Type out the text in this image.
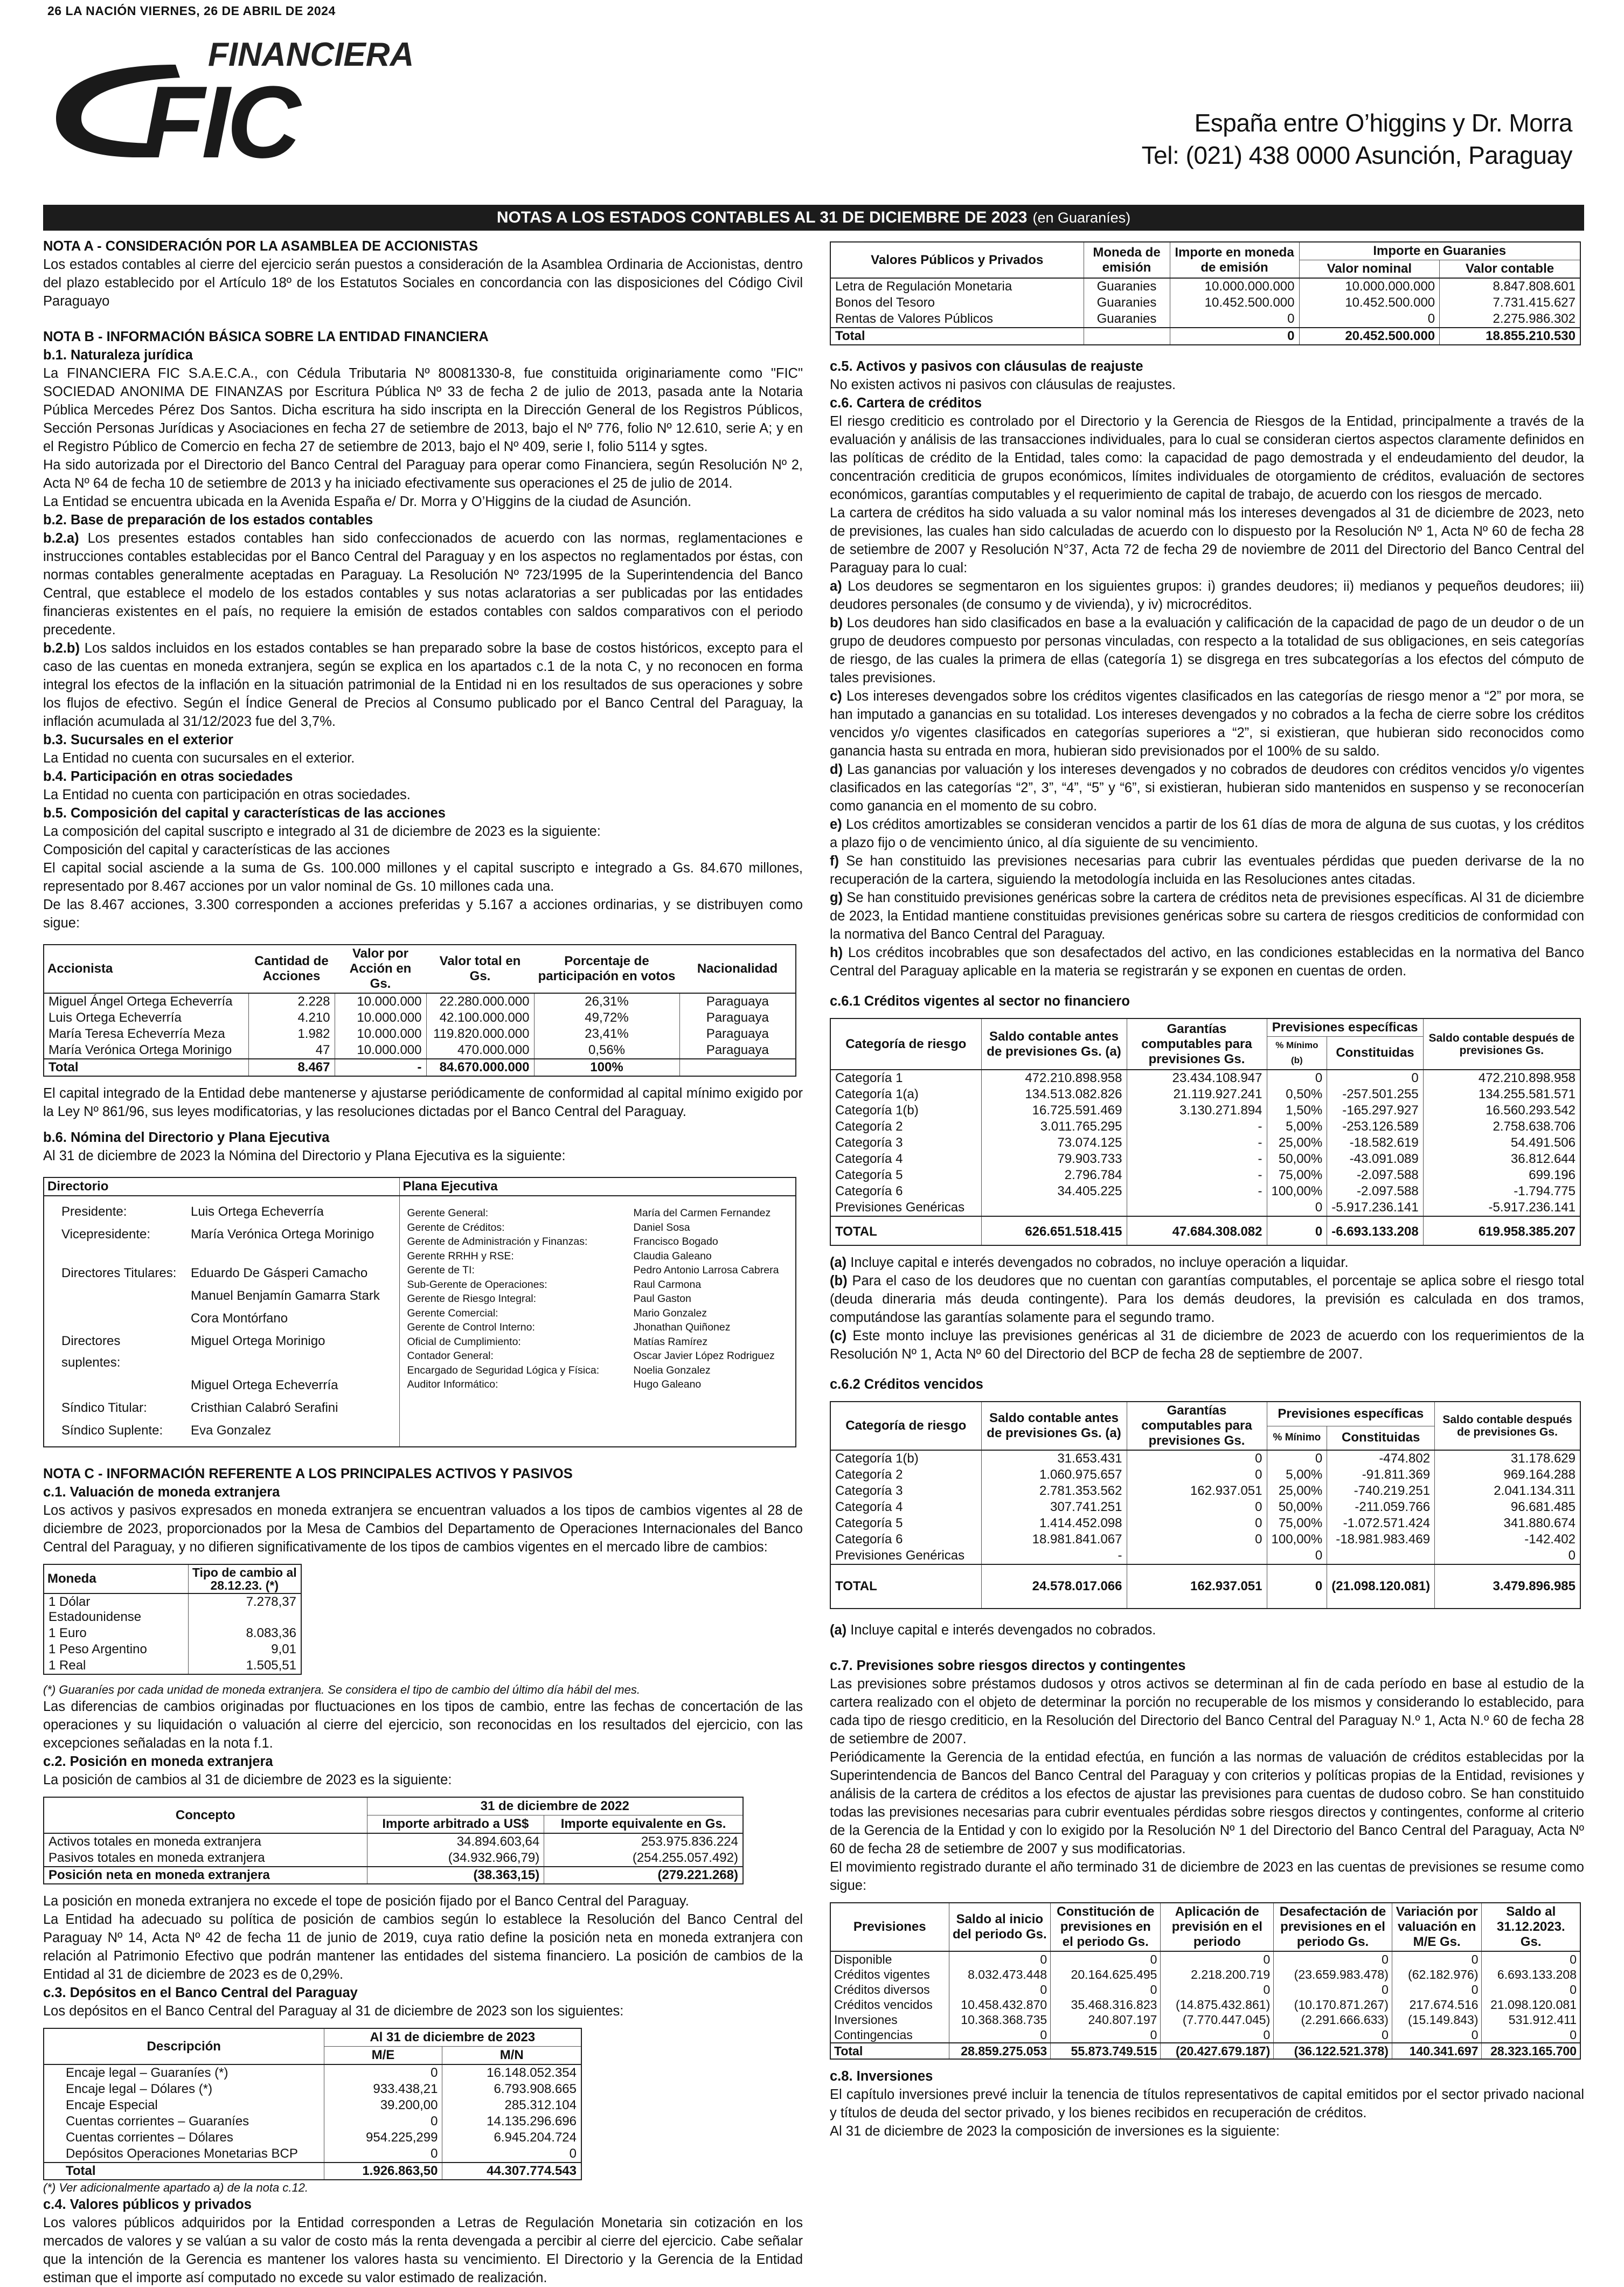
26 LA NACIÓN VIERNES, 26 DE ABRIL DE 2024
FINANCIERA
FIC	España entre O’higgins y Dr. Morra
Tel: (021) 438 0000 Asunción, Paraguay
NOTAS A LOS ESTADOS CONTABLES AL 31 DE DICIEMBRE DE 2023 (en Guaraníes)
NOTA A - CONSIDERACIÓN POR LA ASAMBLEA DE ACCIONISTAS

Los estados contables al cierre del ejercicio serán puestos a consideración de la Asamblea Ordinaria de Accionistas, dentro del plazo establecido por el Artículo 18º de los Estatutos Sociales en concordancia con las disposiciones del Código Civil Paraguayo

NOTA B - INFORMACIÓN BÁSICA SOBRE LA ENTIDAD FINANCIERA
b.1. Naturaleza jurídica

La FINANCIERA FIC S.A.E.C.A., con Cédula Tributaria Nº 80081330-8, fue constituida originariamente como "FIC" SOCIEDAD ANONIMA DE FINANZAS por Escritura Pública Nº 33 de fecha 2 de julio de 2013, pasada ante la Notaria Pública Mercedes Pérez Dos Santos. Dicha escritura ha sido inscripta en la Dirección General de los Registros Públicos, Sección Personas Jurídicas y Asociaciones en fecha 27 de setiembre de 2013, bajo el Nº 776, folio Nº 12.610, serie A; y en el Registro Público de Comercio en fecha 27 de setiembre de 2013, bajo el Nº 409, serie I, folio 5114 y sgtes.

Ha sido autorizada por el Directorio del Banco Central del Paraguay para operar como Financiera, según Resolución Nº 2, Acta Nº 64 de fecha 10 de setiembre de 2013 y ha iniciado efectivamente sus operaciones el 25 de julio de 2014.

La Entidad se encuentra ubicada en la Avenida España e/ Dr. Morra y O’Higgins de la ciudad de Asunción.

b.2. Base de preparación de los estados contables

b.2.a) Los presentes estados contables han sido confeccionados de acuerdo con las normas, reglamentaciones e instrucciones contables establecidas por el Banco Central del Paraguay y en los aspectos no reglamentados por éstas, con normas contables generalmente aceptadas en Paraguay. La Resolución Nº 723/1995 de la Superintendencia del Banco Central, que establece el modelo de los estados contables y sus notas aclaratorias a ser publicadas por las entidades financieras existentes en el país, no requiere la emisión de estados contables con saldos comparativos con el periodo precedente.

b.2.b) Los saldos incluidos en los estados contables se han preparado sobre la base de costos históricos, excepto para el caso de las cuentas en moneda extranjera, según se explica en los apartados c.1 de la nota C, y no reconocen en forma integral los efectos de la inflación en la situación patrimonial de la Entidad ni en los resultados de sus operaciones y sobre los flujos de efectivo. Según el Índice General de Precios al Consumo publicado por el Banco Central del Paraguay, la inflación acumulada al 31/12/2023 fue del 3,7%.

b.3. Sucursales en el exterior

La Entidad no cuenta con sucursales en el exterior.

b.4. Participación en otras sociedades

La Entidad no cuenta con participación en otras sociedades.

b.5. Composición del capital y características de las acciones

La composición del capital suscripto e integrado al 31 de diciembre de 2023 es la siguiente:

Composición del capital y características de las acciones

El capital social asciende a la suma de Gs. 100.000 millones y el capital suscripto e integrado a Gs. 84.670 millones, representado por 8.467 acciones por un valor nominal de Gs. 10 millones cada una.

De las 8.467 acciones, 3.300 corresponden a acciones preferidas y 5.167 a acciones ordinarias, y se distribuyen como sigue:

Accionista	Cantidad de Acciones	Valor por Acción en Gs.	Valor total en Gs.	Porcentaje de participación en votos	Nacionalidad
Miguel Ángel Ortega Echeverría	2.228	10.000.000	22.280.000.000	26,31%	Paraguaya
Luis Ortega Echeverría	4.210	10.000.000	42.100.000.000	49,72%	Paraguaya
María Teresa Echeverría Meza	1.982	10.000.000	119.820.000.000	23,41%	Paraguaya
María Verónica Ortega Morinigo	47	10.000.000	470.000.000	0,56%	Paraguaya
Total	8.467	-	84.670.000.000	100%	

El capital integrado de la Entidad debe mantenerse y ajustarse periódicamente de conformidad al capital mínimo exigido por la Ley Nº 861/96, sus leyes modificatorias, y las resoluciones dictadas por el Banco Central del Paraguay.

b.6. Nómina del Directorio y Plana Ejecutiva

Al 31 de diciembre de 2023 la Nómina del Directorio y Plana Ejecutiva es la siguiente:

Directorio	Plana Ejecutiva

Presidente:	Luis Ortega Echeverría
Vicepresidente:	María Verónica Ortega Morinigo

Directores Titulares:	Eduardo De Gásperi Camacho
	Manuel Benjamín Gamarra Stark
	Cora Montórfano
Directores suplentes:	Miguel Ortega Morinigo
	Miguel Ortega Echeverría
Síndico Titular:	Cristhian Calabró Serafini
Síndico Suplente:	Eva Gonzalez

Gerente General:	María del Carmen Fernandez
Gerente de Créditos:	Daniel Sosa
Gerente de Administración y Finanzas:	Francisco Bogado
Gerente RRHH y RSE:	Claudia Galeano
Gerente de TI:	Pedro Antonio Larrosa Cabrera
Sub-Gerente de Operaciones:	Raul Carmona
Gerente de Riesgo Integral:	Paul Gaston
Gerente Comercial:	Mario Gonzalez
Gerente de Control Interno:	Jhonathan Quiñonez
Oficial de Cumplimiento:	Matías Ramírez
Contador General:	Oscar Javier López Rodriguez
Encargado de Seguridad Lógica y Física:	Noelia Gonzalez
Auditor Informático:	Hugo Galeano
NOTA C - INFORMACIÓN REFERENTE A LOS PRINCIPALES ACTIVOS Y PASIVOS
c.1. Valuación de moneda extranjera

Los activos y pasivos expresados en moneda extranjera se encuentran valuados a los tipos de cambios vigentes al 28 de diciembre de 2023, proporcionados por la Mesa de Cambios del Departamento de Operaciones Internacionales del Banco Central del Paraguay, y no difieren significativamente de los tipos de cambios vigentes en el mercado libre de cambios:

Moneda	Tipo de cambio al 28.12.23. (*)
1 Dólar Estadounidense	7.278,37
1 Euro	8.083,36
1 Peso Argentino	9,01
1 Real	1.505,51

(*) Guaraníes por cada unidad de moneda extranjera. Se considera el tipo de cambio del último día hábil del mes.

Las diferencias de cambios originadas por fluctuaciones en los tipos de cambio, entre las fechas de concertación de las operaciones y su liquidación o valuación al cierre del ejercicio, son reconocidas en los resultados del ejercicio, con las excepciones señaladas en la nota f.1.

c.2. Posición en moneda extranjera

La posición de cambios al 31 de diciembre de 2023 es la siguiente:

Concepto	31 de diciembre de 2022	
	Importe arbitrado a US$	Importe equivalente en Gs.
Activos totales en moneda extranjera	34.894.603,64	253.975.836.224
Pasivos totales en moneda extranjera	(34.932.966,79)	(254.255.057.492)
Posición neta en moneda extranjera	(38.363,15)	(279.221.268)

La posición en moneda extranjera no excede el tope de posición fijado por el Banco Central del Paraguay.

La Entidad ha adecuado su política de posición de cambios según lo establece la Resolución del Banco Central del Paraguay Nº 14, Acta Nº 42 de fecha 11 de junio de 2019, cuya ratio define la posición neta en moneda extranjera con relación al Patrimonio Efectivo que podrán mantener las entidades del sistema financiero. La posición de cambios de la Entidad al 31 de diciembre de 2023 es de 0,29%.

c.3. Depósitos en el Banco Central del Paraguay

Los depósitos en el Banco Central del Paraguay al 31 de diciembre de 2023 son los siguientes:

Descripción	Al 31 de diciembre de 2023	
	M/E	M/N
Encaje legal – Guaraníes (*)	0	16.148.052.354
Encaje legal – Dólares (*)	933.438,21	6.793.908.665
Encaje Especial	39.200,00	285.312.104
Cuentas corrientes – Guaraníes	0	14.135.296.696
Cuentas corrientes – Dólares	954.225,299	6.945.204.724
Depósitos Operaciones Monetarias BCP	0	0
Total	1.926.863,50	44.307.774.543

(*) Ver adicionalmente apartado a) de la nota c.12.

c.4. Valores públicos y privados

Los valores públicos adquiridos por la Entidad corresponden a Letras de Regulación Monetaria sin cotización en los mercados de valores y se valúan a su valor de costo más la renta devengada a percibir al cierre del ejercicio. Cabe señalar que la intención de la Gerencia es mantener los valores hasta su vencimiento. El Directorio y la Gerencia de la Entidad estiman que el importe así computado no excede su valor estimado de realización.

Valores Públicos y Privados	Moneda de emisión	Importe en moneda de emisión	Importe en Guaranies	
			Valor nominal	Valor contable
Letra de Regulación Monetaria	Guaranies	10.000.000.000	10.000.000.000	8.847.808.601
Bonos del Tesoro	Guaranies	10.452.500.000	10.452.500.000	7.731.415.627
Rentas de Valores Públicos	Guaranies	0	0	2.275.986.302
Total		0	20.452.500.000	18.855.210.530
c.5. Activos y pasivos con cláusulas de reajuste

No existen activos ni pasivos con cláusulas de reajustes.

c.6. Cartera de créditos

El riesgo crediticio es controlado por el Directorio y la Gerencia de Riesgos de la Entidad, principalmente a través de la evaluación y análisis de las transacciones individuales, para lo cual se consideran ciertos aspectos claramente definidos en las políticas de crédito de la Entidad, tales como: la capacidad de pago demostrada y el endeudamiento del deudor, la concentración crediticia de grupos económicos, límites individuales de otorgamiento de créditos, evaluación de sectores económicos, garantías computables y el requerimiento de capital de trabajo, de acuerdo con los riesgos de mercado.

La cartera de créditos ha sido valuada a su valor nominal más los intereses devengados al 31 de diciembre de 2023, neto de previsiones, las cuales han sido calculadas de acuerdo con lo dispuesto por la Resolución Nº 1, Acta Nº 60 de fecha 28 de setiembre de 2007 y Resolución N°37, Acta 72 de fecha 29 de noviembre de 2011 del Directorio del Banco Central del Paraguay para lo cual:

a) Los deudores se segmentaron en los siguientes grupos: i) grandes deudores; ii) medianos y pequeños deudores; iii) deudores personales (de consumo y de vivienda), y iv) microcréditos.

b) Los deudores han sido clasificados en base a la evaluación y calificación de la capacidad de pago de un deudor o de un grupo de deudores compuesto por personas vinculadas, con respecto a la totalidad de sus obligaciones, en seis categorías de riesgo, de las cuales la primera de ellas (categoría 1) se disgrega en tres subcategorías a los efectos del cómputo de tales previsiones.

c) Los intereses devengados sobre los créditos vigentes clasificados en las categorías de riesgo menor a “2” por mora, se han imputado a ganancias en su totalidad. Los intereses devengados y no cobrados a la fecha de cierre sobre los créditos vencidos y/o vigentes clasificados en categorías superiores a “2”, si existieran, que hubieran sido reconocidos como ganancia hasta su entrada en mora, hubieran sido previsionados por el 100% de su saldo.

d) Las ganancias por valuación y los intereses devengados y no cobrados de deudores con créditos vencidos y/o vigentes clasificados en las categorías “2”, 3”, “4”, “5” y “6”, si existieran, hubieran sido mantenidos en suspenso y se reconocerían como ganancia en el momento de su cobro.

e) Los créditos amortizables se consideran vencidos a partir de los 61 días de mora de alguna de sus cuotas, y los créditos a plazo fijo o de vencimiento único, al día siguiente de su vencimiento.

f) Se han constituido las previsiones necesarias para cubrir las eventuales pérdidas que pueden derivarse de la no recuperación de la cartera, siguiendo la metodología incluida en las Resoluciones antes citadas.

g) Se han constituido previsiones genéricas sobre la cartera de créditos neta de previsiones específicas. Al 31 de diciembre de 2023, la Entidad mantiene constituidas previsiones genéricas sobre su cartera de riesgos crediticios de conformidad con la normativa del Banco Central del Paraguay.

h) Los créditos incobrables que son desafectados del activo, en las condiciones establecidas en la normativa del Banco Central del Paraguay aplicable en la materia se registrarán y se exponen en cuentas de orden.

c.6.1 Créditos vigentes al sector no financiero
Categoría de riesgo	Saldo contable antes de previsiones Gs. (a)	Garantías computables para previsiones Gs.	Previsiones específicas		Saldo contable después de previsiones Gs.
			% Mínimo (b)	Constituidas	
Categoría 1	472.210.898.958	23.434.108.947	0	0	472.210.898.958
Categoría 1(a)	134.513.082.826	21.119.927.241	0,50%	-257.501.255	134.255.581.571
Categoría 1(b)	16.725.591.469	3.130.271.894	1,50%	-165.297.927	16.560.293.542
Categoría 2	3.011.765.295	-	5,00%	-253.126.589	2.758.638.706
Categoría 3	73.074.125	-	25,00%	-18.582.619	54.491.506
Categoría 4	79.903.733	-	50,00%	-43.091.089	36.812.644
Categoría 5	2.796.784	-	75,00%	-2.097.588	699.196
Categoría 6	34.405.225	-	100,00%	-2.097.588	-1.794.775
Previsiones Genéricas			0	-5.917.236.141	-5.917.236.141
TOTAL	626.651.518.415	47.684.308.082	0	-6.693.133.208	619.958.385.207

(a) Incluye capital e interés devengados no cobrados, no incluye operación a liquidar.

(b) Para el caso de los deudores que no cuentan con garantías computables, el porcentaje se aplica sobre el riesgo total (deuda dineraria más deuda contingente). Para los demás deudores, la previsión es calculada en dos tramos, computándose las garantías solamente para el segundo tramo.

(c) Este monto incluye las previsiones genéricas al 31 de diciembre de 2023 de acuerdo con los requerimientos de la Resolución Nº 1, Acta Nº 60 del Directorio del BCP de fecha 28 de septiembre de 2007.

c.6.2 Créditos vencidos
Categoría de riesgo	Saldo contable antes de previsiones Gs. (a)	Garantías computables para previsiones Gs.	Previsiones específicas		Saldo contable después de previsiones Gs.
			% Mínimo	Constituidas	
Categoría 1(b)	31.653.431	0	0	-474.802	31.178.629
Categoría 2	1.060.975.657	0	5,00%	-91.811.369	969.164.288
Categoría 3	2.781.353.562	162.937.051	25,00%	-740.219.251	2.041.134.311
Categoría 4	307.741.251	0	50,00%	-211.059.766	96.681.485
Categoría 5	1.414.452.098	0	75,00%	-1.072.571.424	341.880.674
Categoría 6	18.981.841.067	0	100,00%	-18.981.983.469	-142.402
Previsiones Genéricas	-		0		0
TOTAL	24.578.017.066	162.937.051	0	(21.098.120.081)	3.479.896.985

(a) Incluye capital e interés devengados no cobrados.

c.7. Previsiones sobre riesgos directos y contingentes

Las previsiones sobre préstamos dudosos y otros activos se determinan al fin de cada período en base al estudio de la cartera realizado con el objeto de determinar la porción no recuperable de los mismos y considerando lo establecido, para cada tipo de riesgo crediticio, en la Resolución del Directorio del Banco Central del Paraguay N.º 1, Acta N.º 60 de fecha 28 de setiembre de 2007.

Periódicamente la Gerencia de la entidad efectúa, en función a las normas de valuación de créditos establecidas por la Superintendencia de Bancos del Banco Central del Paraguay y con criterios y políticas propias de la Entidad, revisiones y análisis de la cartera de créditos a los efectos de ajustar las previsiones para cuentas de dudoso cobro. Se han constituido todas las previsiones necesarias para cubrir eventuales pérdidas sobre riesgos directos y contingentes, conforme al criterio de la Gerencia de la Entidad y con lo exigido por la Resolución Nº 1 del Directorio del Banco Central del Paraguay, Acta Nº 60 de fecha 28 de setiembre de 2007 y sus modificatorias.

El movimiento registrado durante el año terminado 31 de diciembre de 2023 en las cuentas de previsiones se resume como sigue:

Previsiones	Saldo al inicio del periodo Gs.	Constitución de previsiones en el periodo Gs.	Aplicación de previsión en el periodo	Desafectación de previsiones en el periodo Gs.	Variación por valuación en M/E Gs.	Saldo al 31.12.2023. Gs.
Disponible	0	0	0	0	0	0
Créditos vigentes	8.032.473.448	20.164.625.495	2.218.200.719	(23.659.983.478)	(62.182.976)	6.693.133.208
Créditos diversos	0	0	0	0	0	0
Créditos vencidos	10.458.432.870	35.468.316.823	(14.875.432.861)	(10.170.871.267)	217.674.516	21.098.120.081
Inversiones	10.368.368.735	240.807.197	(7.770.447.045)	(2.291.666.633)	(15.149.843)	531.912.411
Contingencias	0	0	0	0	0	0
Total	28.859.275.053	55.873.749.515	(20.427.679.187)	(36.122.521.378)	140.341.697	28.323.165.700
c.8. Inversiones

El capítulo inversiones prevé incluir la tenencia de títulos representativos de capital emitidos por el sector privado nacional y títulos de deuda del sector privado, y los bienes recibidos en recuperación de créditos.

Al 31 de diciembre de 2023 la composición de inversiones es la siguiente:
